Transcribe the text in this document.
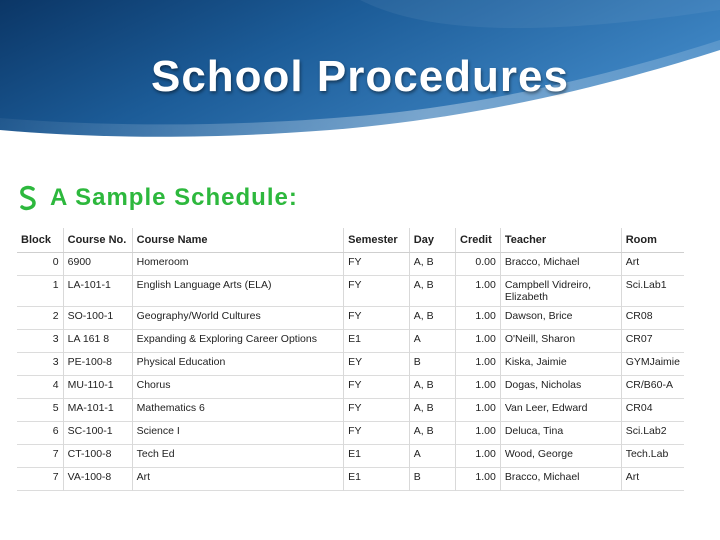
School Procedures
A Sample Schedule:
Block	Course No.	Course Name	Semester	Day	Credit	Teacher	Room
0	6900	Homeroom	FY	A, B	0.00	Bracco, Michael	Art
1	LA-101-1	English Language Arts (ELA)	FY	A, B	1.00	Campbell Vidreiro, Elizabeth	Sci.Lab1
2	SO-100-1	Geography/World Cultures	FY	A, B	1.00	Dawson, Brice	CR08
3	LA 161 8	Expanding & Exploring Career Options	E1	A	1.00	O'Neill, Sharon	CR07
3	PE-100-8	Physical Education	EY	B	1.00	Kiska, Jaimie	GYMJaimie
4	MU-110-1	Chorus	FY	A, B	1.00	Dogas, Nicholas	CR/B60-A
5	MA-101-1	Mathematics 6	FY	A, B	1.00	Van Leer, Edward	CR04
6	SC-100-1	Science I	FY	A, B	1.00	Deluca, Tina	Sci.Lab2
7	CT-100-8	Tech Ed	E1	A	1.00	Wood, George	Tech.Lab
7	VA-100-8	Art	E1	B	1.00	Bracco, Michael	Art
